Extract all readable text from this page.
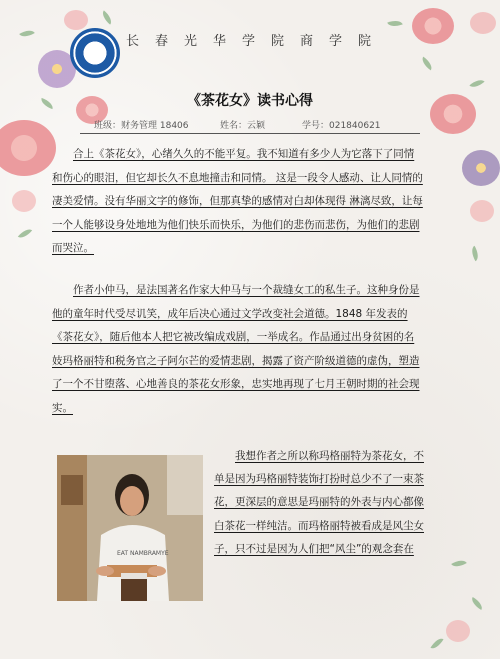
长春光华学院商学院
《茶花女》读书心得
班级：财务管理 18406	姓名：云颖	学号：021840621
合上《茶花女》，心绪久久的不能平复。我不知道有多少人为它落下了同情和伤心的眼泪，但它却长久不息地撞击和同情。 这是一段令人感动、让人同情的凄美爱情。没有华丽文字的修饰，但那真挚的感情对白却体现得 淋漓尽致，让每一个人能够设身处地地为他们快乐而快乐，为他们的悲伤而悲伤，为他们的悲剧而哭泣。
作者小仲马，是法国著名作家大仲马与一个裁缝女工的私生子。这种身份是他的童年时代受尽讥笑，成年后决心通过文学改变社会道德。1848 年发表的《茶花女》，随后他本人把它被改编成戏剧，一举成名。作品通过出身贫困的名妓玛格丽特和税务官之子阿尔芒的爱情悲剧，揭露了资产阶级道德的虚伪，塑造了一个不甘堕落、心地善良的茶花女形象，忠实地再现了七月王朝时期的社会现实。
EAT NAMBRAMYE
我想作者之所以称玛格丽特为茶花女，不单是因为玛格丽特装饰打扮时总少不了一束茶花，更深层的意思是玛丽特的外表与内心都像白茶花一样纯洁。而玛格丽特被看成是风尘女子，只不过是因为人们把“风尘”的观念套在
